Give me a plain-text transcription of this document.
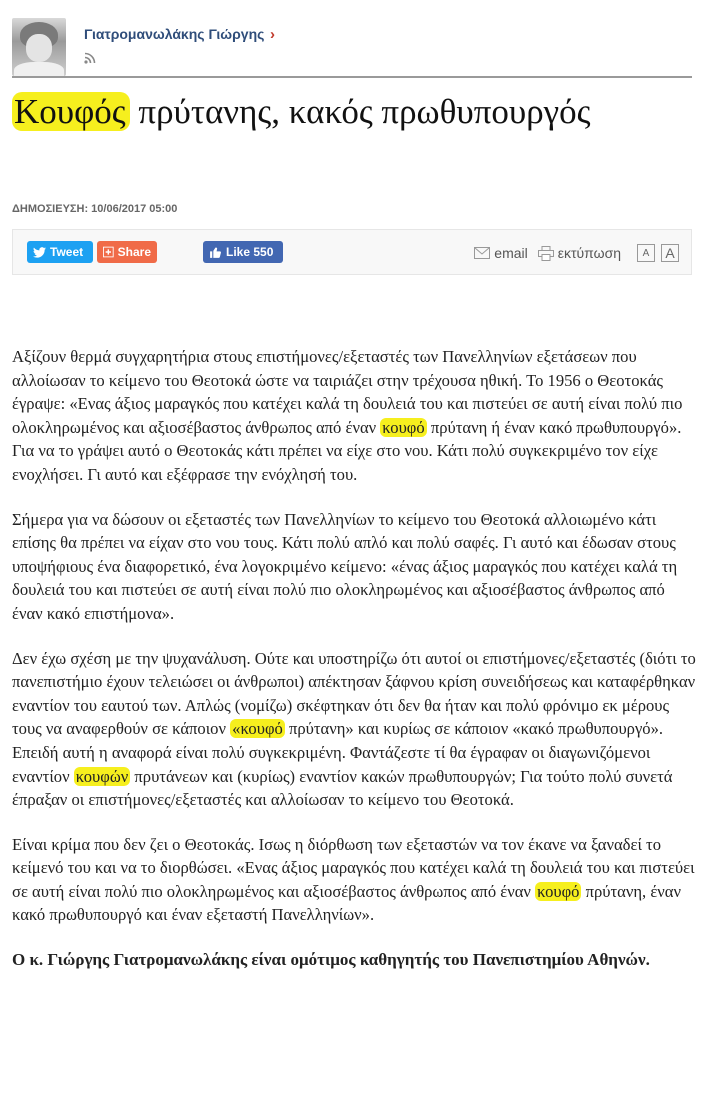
Γιατρομανωλάκης Γιώργης ›
Κουφός πρύτανης, κακός πρωθυπουργός
ΔΗΜΟΣΙΕΥΣΗ: 10/06/2017 05:00
Tweet	Share	Like 550	email εκτύπωση	A	A

Αξίζουν θερμά συγχαρητήρια στους επιστήμονες/εξεταστές των Πανελληνίων εξετάσεων που αλλοίωσαν το κείμενο του Θεοτοκά ώστε να ταιριάζει στην τρέχουσα ηθική. Το 1956 ο Θεοτοκάς έγραψε: «Ενας άξιος μαραγκός που κατέχει καλά τη δουλειά του και πιστεύει σε αυτή είναι πολύ πιο ολοκληρωμένος και αξιοσέβαστος άνθρωπος από έναν κουφό πρύτανη ή έναν κακό πρωθυπουργό». Για να το γράψει αυτό ο Θεοτοκάς κάτι πρέπει να είχε στο νου. Κάτι πολύ συγκεκριμένο τον είχε ενοχλήσει. Γι αυτό και εξέφρασε την ενόχλησή του.

Σήμερα για να δώσουν οι εξεταστές των Πανελληνίων το κείμενο του Θεοτοκά αλλοιωμένο κάτι επίσης θα πρέπει να είχαν στο νου τους. Κάτι πολύ απλό και πολύ σαφές. Γι αυτό και έδωσαν στους υποψήφιους ένα διαφορετικό, ένα λογοκριμένο κείμενο: «ένας άξιος μαραγκός που κατέχει καλά τη δουλειά του και πιστεύει σε αυτή είναι πολύ πιο ολοκληρωμένος και αξιοσέβαστος άνθρωπος από έναν κακό επιστήμονα».

Δεν έχω σχέση με την ψυχανάλυση. Ούτε και υποστηρίζω ότι αυτοί οι επιστήμονες/εξεταστές (διότι το πανεπιστήμιο έχουν τελειώσει οι άνθρωποι) απέκτησαν ξάφνου κρίση συνειδήσεως και καταφέρθηκαν εναντίον του εαυτού των. Απλώς (νομίζω) σκέφτηκαν ότι δεν θα ήταν και πολύ φρόνιμο εκ μέρους τους να αναφερθούν σε κάποιον «κουφό πρύτανη» και κυρίως σε κάποιον «κακό πρωθυπουργό». Επειδή αυτή η αναφορά είναι πολύ συγκεκριμένη. Φαντάζεστε τί θα έγραφαν οι διαγωνιζόμενοι εναντίον κουφών πρυτάνεων και (κυρίως) εναντίον κακών πρωθυπουργών; Για τούτο πολύ συνετά έπραξαν οι επιστήμονες/εξεταστές και αλλοίωσαν το κείμενο του Θεοτοκά.

Είναι κρίμα που δεν ζει ο Θεοτοκάς. Ισως η διόρθωση των εξεταστών να τον έκανε να ξαναδεί το κείμενό του και να το διορθώσει. «Ενας άξιος μαραγκός που κατέχει καλά τη δουλειά του και πιστεύει σε αυτή είναι πολύ πιο ολοκληρωμένος και αξιοσέβαστος άνθρωπος από έναν κουφό πρύτανη, έναν κακό πρωθυπουργό και έναν εξεταστή Πανελληνίων».

Ο κ. Γιώργης Γιατρομανωλάκης είναι ομότιμος καθηγητής του Πανεπιστημίου Αθηνών.
